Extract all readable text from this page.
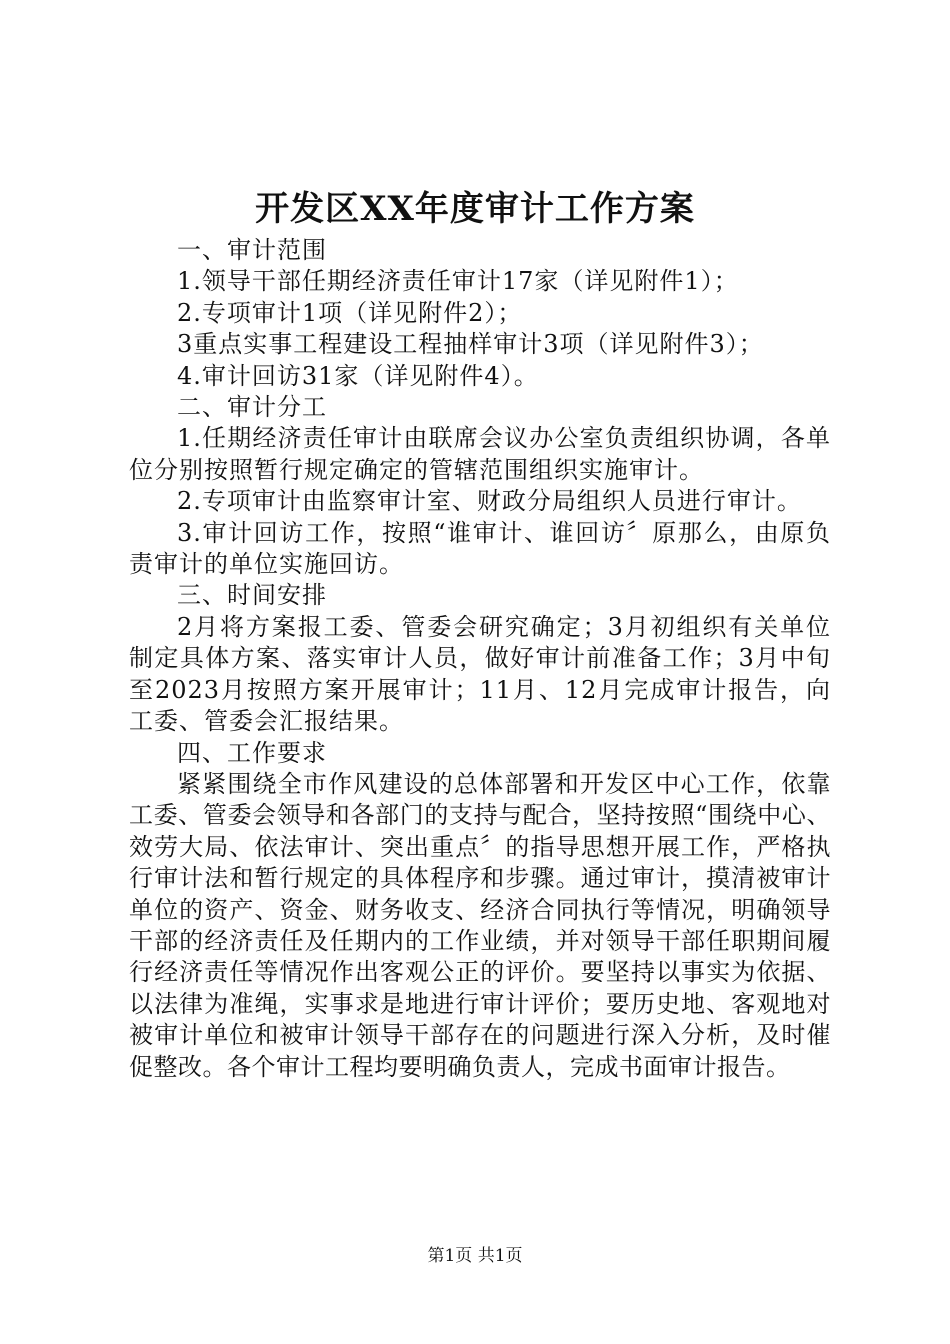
开发区XX年度审计工作方案

一、审计范围

1.领导干部任期经济责任审计17家（详见附件1）；

2.专项审计1项（详见附件2）；

3重点实事工程建设工程抽样审计3项（详见附件3）；

4.审计回访31家（详见附件4）。

二、审计分工

1.任期经济责任审计由联席会议办公室负责组织协调，各单位分别按照暂行规定确定的管辖范围组织实施审计。

2.专项审计由监察审计室、财政分局组织人员进行审计。

3.审计回访工作，按照“谁审计、谁回访〞原那么，由原负责审计的单位实施回访。

三、时间安排

2月将方案报工委、管委会研究确定；3月初组织有关单位制定具体方案、落实审计人员，做好审计前准备工作；3月中旬至2023月按照方案开展审计；11月、12月完成审计报告，向工委、管委会汇报结果。

四、工作要求

紧紧围绕全市作风建设的总体部署和开发区中心工作，依靠工委、管委会领导和各部门的支持与配合，坚持按照“围绕中心、效劳大局、依法审计、突出重点〞的指导思想开展工作，严格执行审计法和暂行规定的具体程序和步骤。通过审计，摸清被审计单位的资产、资金、财务收支、经济合同执行等情况，明确领导干部的经济责任及任期内的工作业绩，并对领导干部任职期间履行经济责任等情况作出客观公正的评价。要坚持以事实为依据、以法律为准绳，实事求是地进行审计评价；要历史地、客观地对被审计单位和被审计领导干部存在的问题进行深入分析，及时催促整改。各个审计工程均要明确负责人，完成书面审计报告。

第1页 共1页
